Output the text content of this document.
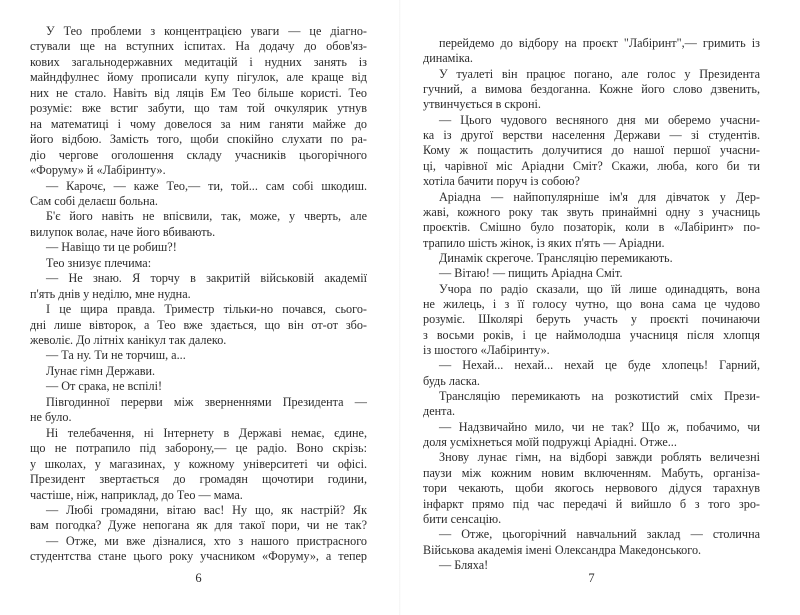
У Тео проблеми з концентрацією уваги — це діагно-
стували ще на вступних іспитах. На додачу до обов'яз-
кових загальнодержавних медитацій і нудних занять із
майндфулнес йому прописали купу пігулок, але краще від
них не стало. Навіть від ляців Ем Тео більше користі. Тео
розуміє: вже встиг забути, що там той очкулярик утнув
на математиці і чому довелося за ним ганяти майже до
його відбою. Замість того, щоби спокійно слухати по ра-
діо чергове оголошення складу учасників цьогорічного
«Форуму» й «Лабіринту».
— Карочє, — каже Тео,— ти, той... сам собі шкодиш.
Сам собі делаєш больна.
Б'є його навіть не впісвили, так, може, у чверть, але
вилупок волає, наче його вбивають.
— Навіщо ти це робиш?!
Тео знизує плечима:
— Не знаю. Я торчу в закритій військовій академії
п'ять днів у неділю, мне нудна.
І це щира правда. Триместр тільки-но почався, сього-
дні лише вівторок, а Тео вже здається, що він от-от збо-
жеволіє. До літніх канікул так далеко.
— Та ну. Ти не торчиш, а...
Лунає гімн Держави.
— От срака, не вспілі!
Півгодинної перерви між зверненнями Президента —
не було.
Ні телебачення, ні Інтернету в Державі немає, єдине,
що не потрапило під заборону,— це радіо. Воно скрізь:
у школах, у магазинах, у кожному університеті чи офісі.
Президент звертається до громадян щочотири години,
частіше, ніж, наприклад, до Тео — мама.
— Любі громадяни, вітаю вас! Ну що, як настрій? Як
вам погодка? Дуже непогана як для такої пори, чи не так?
— Отже, ми вже дізналися, хто з нашого пристрасного
студентства стане цього року учасником «Форуму», а тепер
6
перейдемо до відбору на проєкт "Лабіринт",— гримить із
динаміка.
У туалеті він працює погано, але голос у Президента
гучний, а вимова бездоганна. Кожне його слово дзвенить,
утвинчується в скроні.
— Цього чудового весняного дня ми оберемо учасни-
ка із другої верстви населення Держави — зі студентів.
Кому ж пощастить долучитися до нашої першої учасни-
ці, чарівної міс Аріадни Сміт? Скажи, люба, кого би ти
хотіла бачити поруч із собою?
Аріадна — найпопулярніше ім'я для дівчаток у Дер-
жаві, кожного року так звуть принаймні одну з учасниць
проєктів. Смішно було позаторік, коли в «Лабіринт» по-
трапило шість жінок, із яких п'ять — Аріадни.
Динамік скрегоче. Трансляцію перемикають.
— Вітаю! — пищить Аріадна Сміт.
Учора по радіо сказали, що їй лише одинадцять, вона
не жилець, і з її голосу чутно, що вона сама це чудово
розуміє. Школярі беруть участь у проєкті починаючи
з восьми років, і це наймолодша учасниця після хлопця
із шостого «Лабіринту».
— Нехай... нехай... нехай це буде хлопець! Гарний,
будь ласка.
Трансляцію перемикають на розкотистий сміх Прези-
дента.
— Надзвичайно мило, чи не так? Що ж, побачимо, чи
доля усміхнеться моїй подружці Аріадні. Отже...
Знову лунає гімн, на відборі завжди роблять величезні
паузи між кожним новим включенням. Мабуть, організа-
тори чекають, щоби якогось нервового дідуся тарахнув
інфаркт прямо під час передачі й вийшло б з того зро-
бити сенсацію.
— Отже, цьогорічний навчальний заклад — столична
Військова академія імені Олександра Македонського.
— Бляха!
7
